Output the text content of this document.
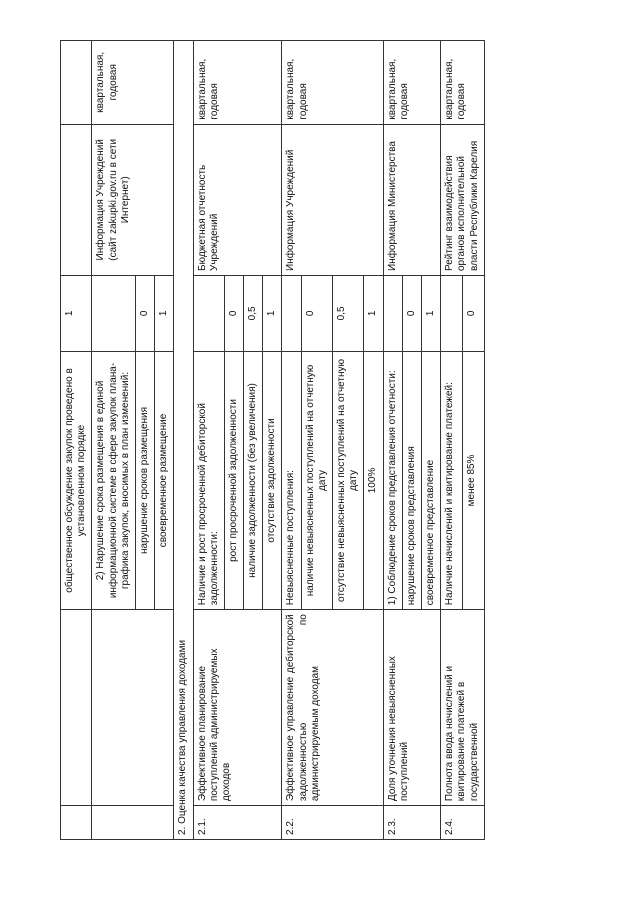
		общественное обсуждение закупок проведено в установленном порядке	1		
		2) Нарушение срока размещения в единой информационной системе в сфере закупок плана-графика закупок, вносимых в план изменений:		Информация Учреждений (сайт zakupki.gov.ru в сети Интернет)	квартальная, годовая
		нарушение сроков размещения	0		
		своевременное размещение	1		
2. Оценка качества управления доходами					
2.1.	Эффективное планирование поступлений администрируемых доходов	Наличие и рост просроченной дебиторской задолженности:		Бюджетная отчетность Учреждений	квартальная, годовая
		рост просроченной задолженности	0		
		наличие задолженности (без увеличения)	0,5		
		отсутствие задолженности	1		
2.2.	Эффективное управление дебиторской задолженностью по администрируемым доходам	Невыясненные поступления:		Информация Учреждений	квартальная, годовая
		наличие невыясненных поступлений на отчетную дату	0		
		отсутствие невыясненных поступлений на отчетную дату	0,5		
		100%	1		
2.3.	Доля уточнения невыясненных поступлений	1) Соблюдение сроков представления отчетности:		Информация Министерства	квартальная, годовая
		нарушение сроков представления	0		
		своевременное представление	1		
2.4.	Полнота ввода начислений и квитирование платежей в государственной	Наличие начислений и квитирование платежей:		Рейтинг взаимодействия органов исполнительной власти Республики Карелия	квартальная, годовая
		менее 85%	0		
